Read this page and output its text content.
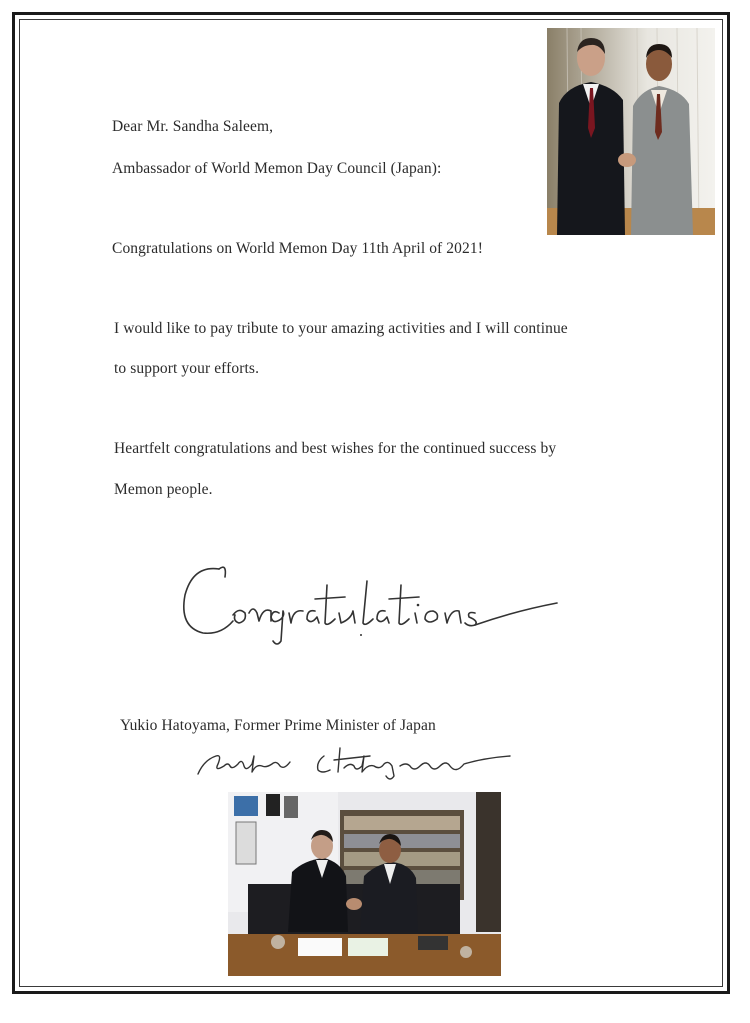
Dear Mr. Sandha Saleem,
Ambassador of World Memon Day Council (Japan):
Congratulations on World Memon Day 11th April of 2021!
I would like to pay tribute to your amazing activities and I will continue
to support your efforts.
Heartfelt congratulations and best wishes for the continued success by
Memon people.
Yukio Hatoyama, Former Prime Minister of Japan
